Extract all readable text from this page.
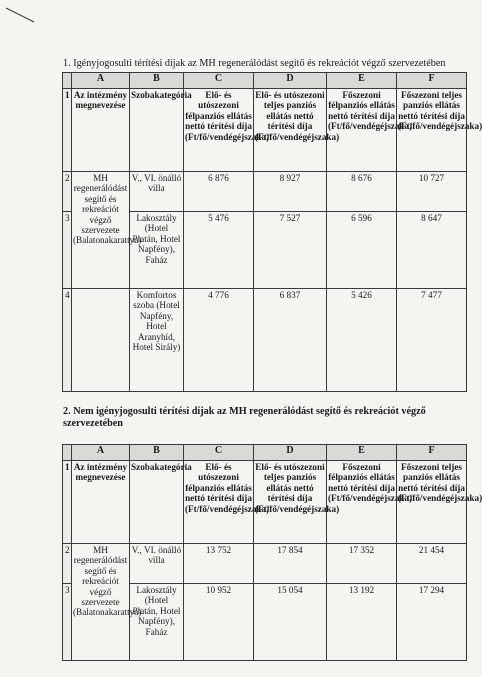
1. Igényjogosulti térítési díjak az MH regenerálódást segítő és rekreációt végző szervezetében

	A	B	C	D	E	F
1	Az intézmény megnevezése	Szobakategória	Elő- és utószezoni félpanziós ellátás nettó térítési díja (Ft/fő/vendégéjszaka)	Elő- és utószezoni teljes panziós ellátás nettó térítési díja (Ft/fő/vendégéjszaka)	Főszezoni félpanziós ellátás nettó térítési díja (Ft/fő/vendégéjszaka)	Főszezoni teljes panziós ellátás nettó térítési díja (Ft/fő/vendégéjszaka)
2	MH regenerálódást segítő és rekreációt végző szervezete (Balatonakarattya)	V., VI. önálló villa	6 876	8 927	8 676	10 727
3		Lakosztály (Hotel Platán, Hotel Napfény), Faház	5 476	7 527	6 596	8 647
4		Komfortos szoba (Hotel Napfény, Hotel Aranyhíd, Hotel Sirály)	4 776	6 837	5 426	7 477

2. Nem igényjogosulti térítési díjak az MH regenerálódást segítő és rekreációt végző szervezetében

	A	B	C	D	E	F
1	Az intézmény megnevezése	Szobakategória	Elő- és utószezoni félpanziós ellátás nettó térítési díja (Ft/fő/vendégéjszaka)	Elő- és utószezoni teljes panziós ellátás nettó térítési díja (Ft/fő/vendégéjszaka)	Főszezoni félpanziós ellátás nettó térítési díja (Ft/fő/vendégéjszaka)	Főszezoni teljes panziós ellátás nettó térítési díja (Ft/fő/vendégéjszaka)
2	MH regenerálódást segítő és rekreációt végző szervezete (Balatonakarattya)	V., VI. önálló villa	13 752	17 854	17 352	21 454
3		Lakosztály (Hotel Platán, Hotel Napfény), Faház	10 952	15 054	13 192	17 294
